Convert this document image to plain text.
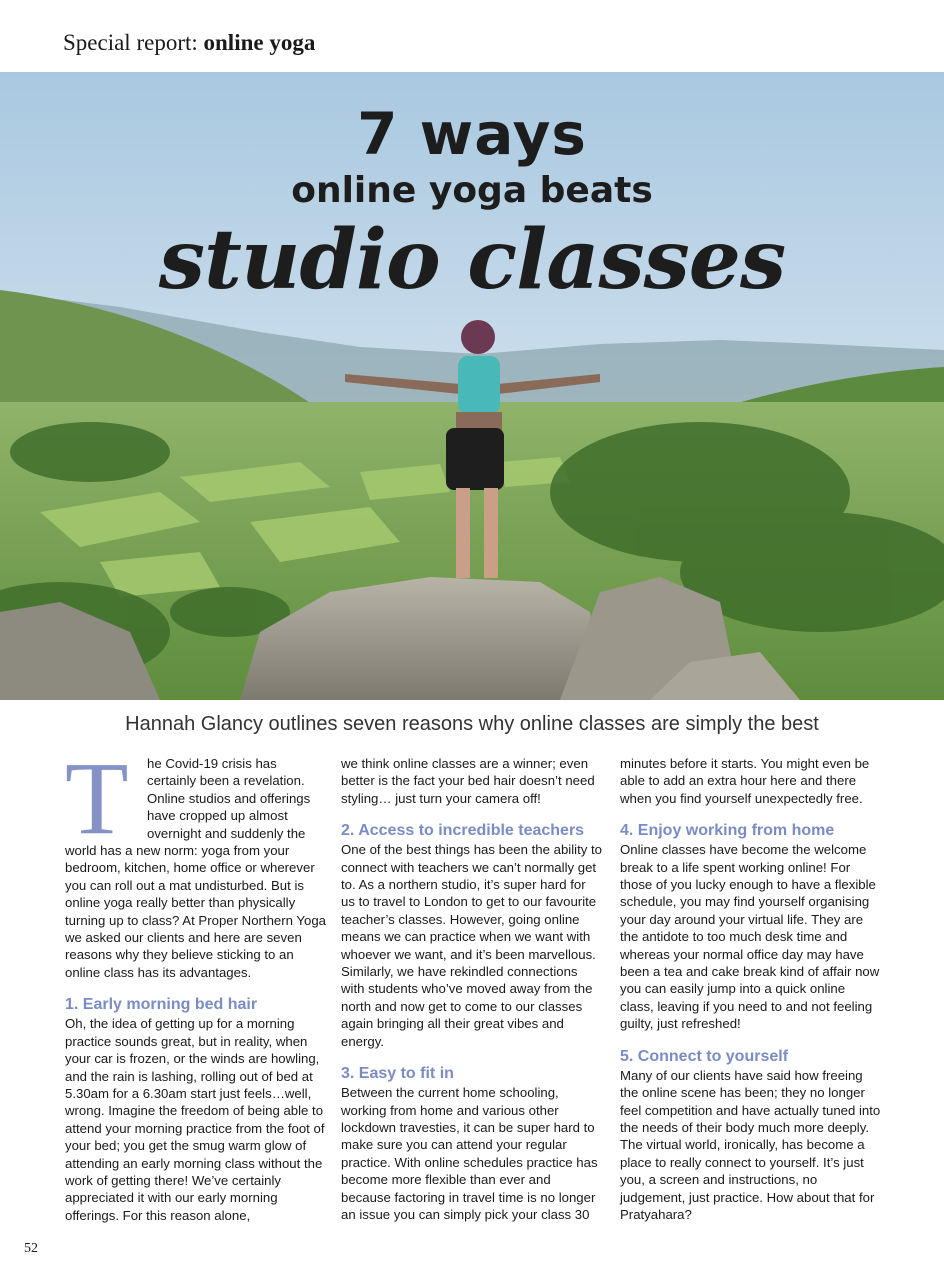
Special report: online yoga
7 ways
online yoga beats
studio classes
Hannah Glancy outlines seven reasons why online classes are simply the best
T	he Covid-19 crisis has certainly been a revelation. Online studios and offerings have cropped up almost overnight and suddenly the world has a new norm: yoga from your bedroom, kitchen, home office or wherever you can roll out a mat undisturbed. But is online yoga really better than physically turning up to class? At Proper Northern Yoga we asked our clients and here are seven reasons why they believe sticking to an online class has its advantages.

1. Early morning bed hair

Oh, the idea of getting up for a morning practice sounds great, but in reality, when your car is frozen, or the winds are howling, and the rain is lashing, rolling out of bed at 5.30am for a 6.30am start just feels…well, wrong. Imagine the freedom of being able to attend your morning practice from the foot of your bed; you get the smug warm glow of attending an early morning class without the work of getting there! We’ve certainly appreciated it with our early morning offerings. For this reason alone,

we think online classes are a winner; even better is the fact your bed hair doesn’t need styling… just turn your camera off!

2. Access to incredible teachers

One of the best things has been the ability to connect with teachers we can’t normally get to. As a northern studio, it’s super hard for us to travel to London to get to our favourite teacher’s classes. However, going online means we can practice when we want with whoever we want, and it’s been marvellous. Similarly, we have rekindled connections with students who’ve moved away from the north and now get to come to our classes again bringing all their great vibes and energy.

3. Easy to fit in

Between the current home schooling, working from home and various other lockdown travesties, it can be super hard to make sure you can attend your regular practice. With online schedules practice has become more flexible than ever and because factoring in travel time is no longer an issue you can simply pick your class 30

minutes before it starts. You might even be able to add an extra hour here and there when you find yourself unexpectedly free.

4. Enjoy working from home

Online classes have become the welcome break to a life spent working online! For those of you lucky enough to have a flexible schedule, you may find yourself organising your day around your virtual life. They are the antidote to too much desk time and whereas your normal office day may have been a tea and cake break kind of affair now you can easily jump into a quick online class, leaving if you need to and not feeling guilty, just refreshed!

5. Connect to yourself

Many of our clients have said how freeing the online scene has been; they no longer feel competition and have actually tuned into the needs of their body much more deeply. The virtual world, ironically, has become a place to really connect to yourself. It’s just you, a screen and instructions, no judgement, just practice. How about that for Pratyahara?

52
